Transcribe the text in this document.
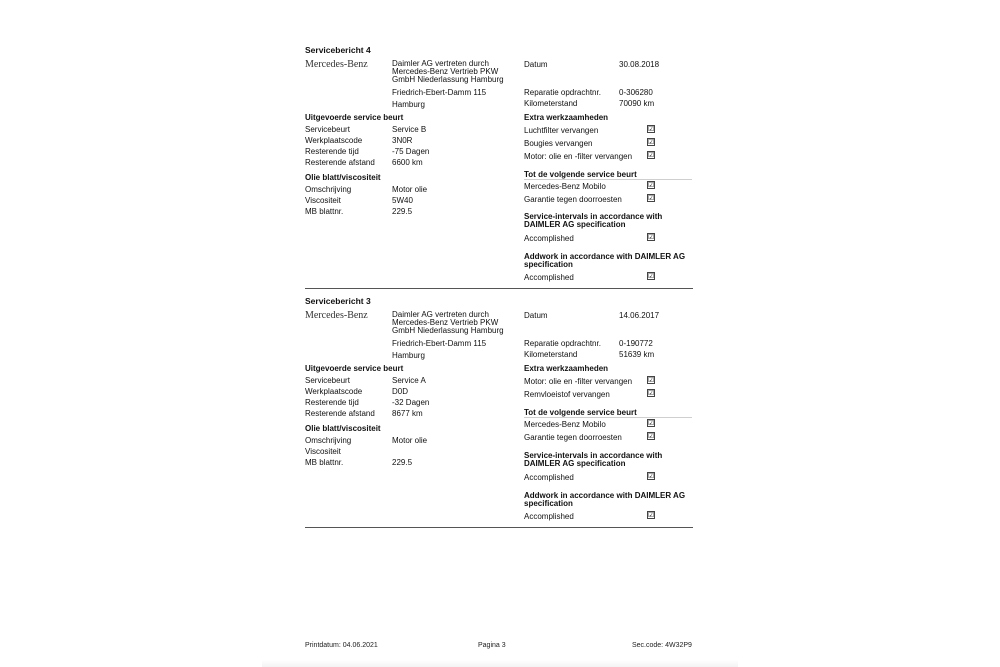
Servicebericht 4
Mercedes-Benz	Daimler AG vertreten durch
Mercedes-Benz Vertrieb PKW
GmbH Niederlassung Hamburg
Friedrich-Ebert-Damm 115
Hamburg
Datum	30.08.2018
Reparatie opdrachtnr. 0-306280
Kilometerstand	70090 km
Uitgevoerde service beurt
Servicebeurt	Service B
Werkplaatscode	3N0R
Resterende tijd	-75 Dagen
Resterende afstand 6600 km
Olie blatt/viscositeit
Omschrijving	Motor olie
Viscositeit	5W40
MB blattnr.	229.5
Extra werkzaamheden
Luchtfilter vervangen	☑
Bougies vervangen	☑
Motor: olie en -filter vervangen ☑
Tot de volgende service beurt
Mercedes-Benz Mobilo	☑
Garantie tegen doorroesten	☑
Service-intervals in accordance with DAIMLER AG specification
Accomplished	☑
Addwork in accordance with DAIMLER AG specification
Accomplished	☑
Servicebericht 3
Mercedes-Benz	Daimler AG vertreten durch
Mercedes-Benz Vertrieb PKW
GmbH Niederlassung Hamburg
Friedrich-Ebert-Damm 115
Hamburg
Datum	14.06.2017
Reparatie opdrachtnr. 0-190772
Kilometerstand	51639 km
Uitgevoerde service beurt
Servicebeurt	Service A
Werkplaatscode	D0D
Resterende tijd	-32 Dagen
Resterende afstand 8677 km
Olie blatt/viscositeit
Omschrijving	Motor olie
Viscositeit
MB blattnr.	229.5
Extra werkzaamheden
Motor: olie en -filter vervangen ☑
Remvloeistof vervangen	☑
Tot de volgende service beurt
Mercedes-Benz Mobilo	☑
Garantie tegen doorroesten	☑
Service-intervals in accordance with DAIMLER AG specification
Accomplished	☑
Addwork in accordance with DAIMLER AG specification
Accomplished	☑
Printdatum: 04.06.2021	Pagina 3	Sec.code: 4W32P9
